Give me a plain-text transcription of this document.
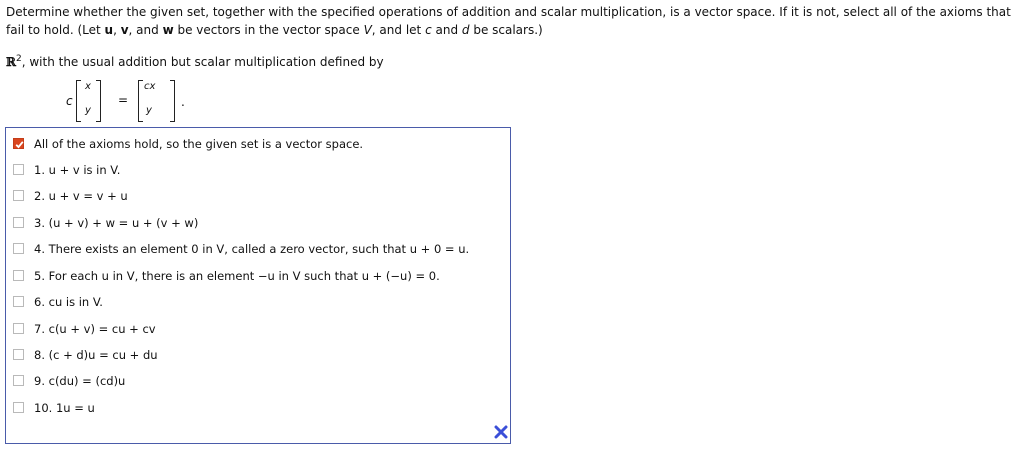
Determine whether the given set, together with the specified operations of addition and scalar multiplication, is a vector space. If it is not, select all of the axioms that

fail to hold. (Let u, v, and w be vectors in the vector space V, and let c and d be scalars.)

ℝ$^2$, with the usual addition but scalar multiplication defined by
c
x
y
=
cx
y
.
All of the axioms hold, so the given set is a vector space.
1. u + v is in V.
2. u + v = v + u
3. (u + v) + w = u + (v + w)
4. There exists an element 0 in V, called a zero vector, such that u + 0 = u.
5. For each u in V, there is an element −u in V such that u + (−u) = 0.
6. cu is in V.
7. c(u + v) = cu + cv
8. (c + d)u = cu + du
9. c(du) = (cd)u
10. 1u = u
